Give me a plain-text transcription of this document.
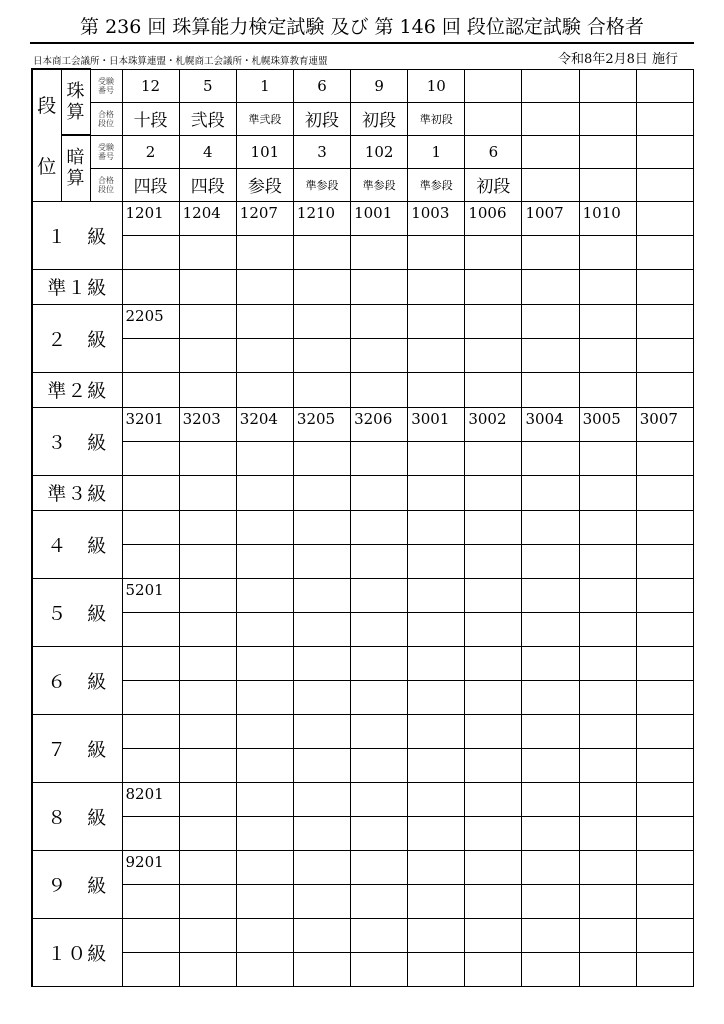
第 236 回 珠算能力検定試験 及び 第 146 回 段位認定試験 合格者
日本商工会議所・日本珠算連盟・札幌商工会議所・札幌珠算教育連盟	令和8年2月8日 施行
段
位	珠算	受験番号	12	5	1	6	9	10				

		合格段位	十段	弐段	準弐段	初段	初段	準初段				

	暗算	受験番号	2	4	101	3	102	1	6			

		合格段位	四段	四段	参段	準参段	準参段	準参段	初段			
１　級			1201	1204	1207	1210	1001	1003	1006	1007	1010	

準１級												
２　級			2205									

準２級												
３　級			3201	3203	3204	3205	3206	3001	3002	3004	3005	3007

準３級												
４　級												

５　級			5201									

６　級												

７　級												

８　級			8201									

９　級			9201									

１０級												
